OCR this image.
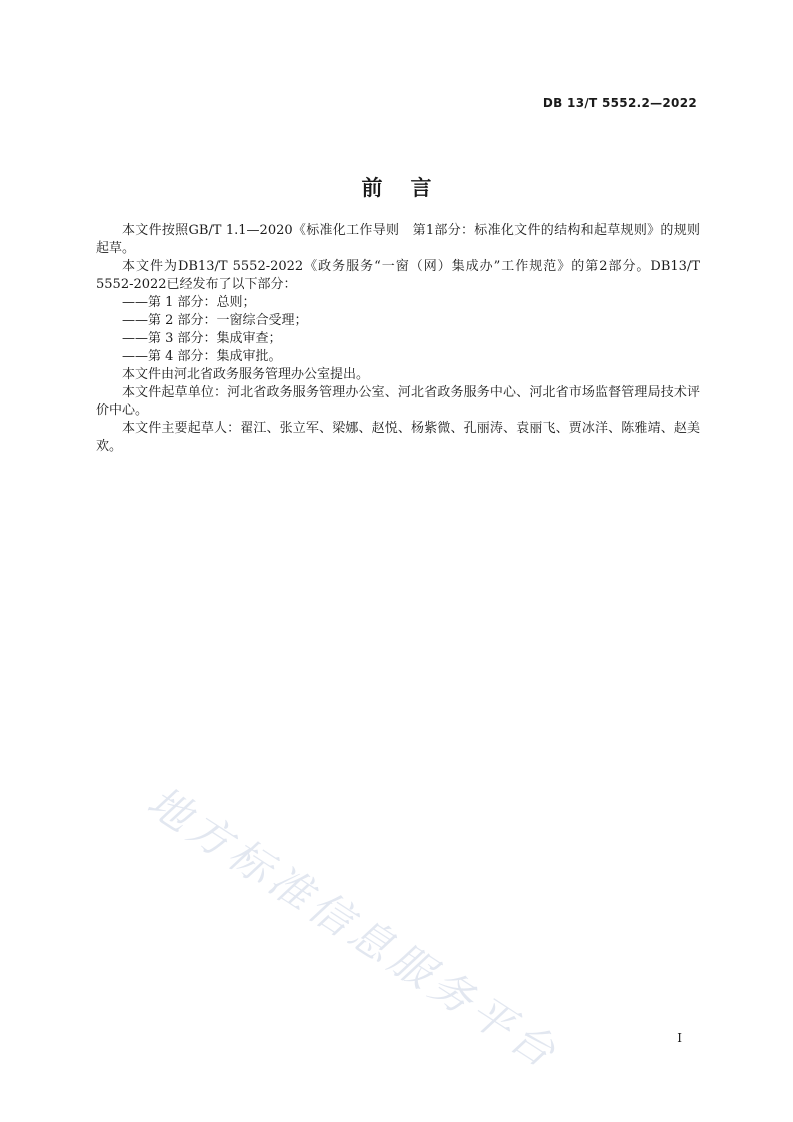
DB 13/T 5552.2—2022
前言

本文件按照GB/T 1.1—2020《标准化工作导则　第1部分：标准化文件的结构和起草规则》的规则起草。

本文件为DB13/T 5552-2022《政务服务“一窗（网）集成办”工作规范》的第2部分。DB13/T 5552-2022已经发布了以下部分：

——第 1 部分：总则；

——第 2 部分：一窗综合受理；

——第 3 部分：集成审查；

——第 4 部分：集成审批。

本文件由河北省政务服务管理办公室提出。

本文件起草单位：河北省政务服务管理办公室、河北省政务服务中心、河北省市场监督管理局技术评价中心。

本文件主要起草人：翟江、张立军、梁娜、赵悦、杨紫微、孔丽涛、袁丽飞、贾冰洋、陈雅靖、赵美欢。

地方标准信息服务平台	I
